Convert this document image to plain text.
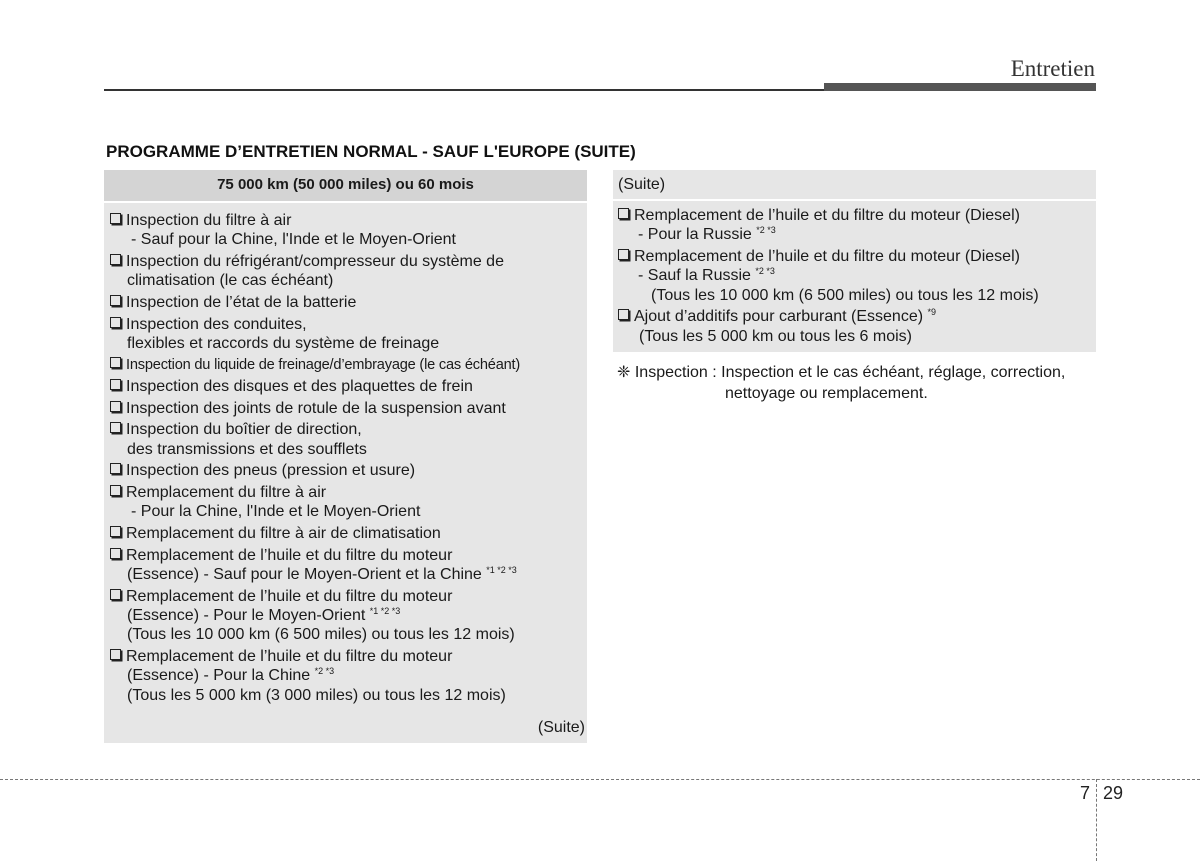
Entretien
PROGRAMME D’ENTRETIEN NORMAL - SAUF L'EUROPE (SUITE)
75 000 km (50 000 miles) ou 60 mois
Inspection du filtre à air
- Sauf pour la Chine, l'Inde et le Moyen-Orient
Inspection du réfrigérant/compresseur du système de
climatisation (le cas échéant)
Inspection de l’état de la batterie
Inspection des conduites,
flexibles et raccords du système de freinage
Inspection du liquide de freinage/d’embrayage (le cas échéant)
Inspection des disques et des plaquettes de frein
Inspection des joints de rotule de la suspension avant
Inspection du boîtier de direction,
des transmissions et des soufflets
Inspection des pneus (pression et usure)
Remplacement du filtre à air
- Pour la Chine, l'Inde et le Moyen-Orient
Remplacement du filtre à air de climatisation
Remplacement de l’huile et du filtre du moteur
(Essence) - Sauf pour le Moyen-Orient et la Chine $^{*1 *2 *3}$
Remplacement de l’huile et du filtre du moteur
(Essence) - Pour le Moyen-Orient $^{*1 *2 *3}$
(Tous les 10 000 km (6 500 miles) ou tous les 12 mois)
Remplacement de l’huile et du filtre du moteur
(Essence) - Pour la Chine $^{*2 *3}$
(Tous les 5 000 km (3 000 miles) ou tous les 12 mois)
(Suite)
(Suite)
Remplacement de l’huile et du filtre du moteur (Diesel)
- Pour la Russie $^{*2 *3}$
Remplacement de l’huile et du filtre du moteur (Diesel)
- Sauf la Russie $^{*2 *3}$
(Tous les 10 000 km (6 500 miles) ou tous les 12 mois)
Ajout d’additifs pour carburant (Essence) $^{*9}$
(Tous les 5 000 km ou tous les 6 mois)
❈ Inspection : Inspection et le cas échéant, réglage, correction,
nettoyage ou remplacement.
7 29
